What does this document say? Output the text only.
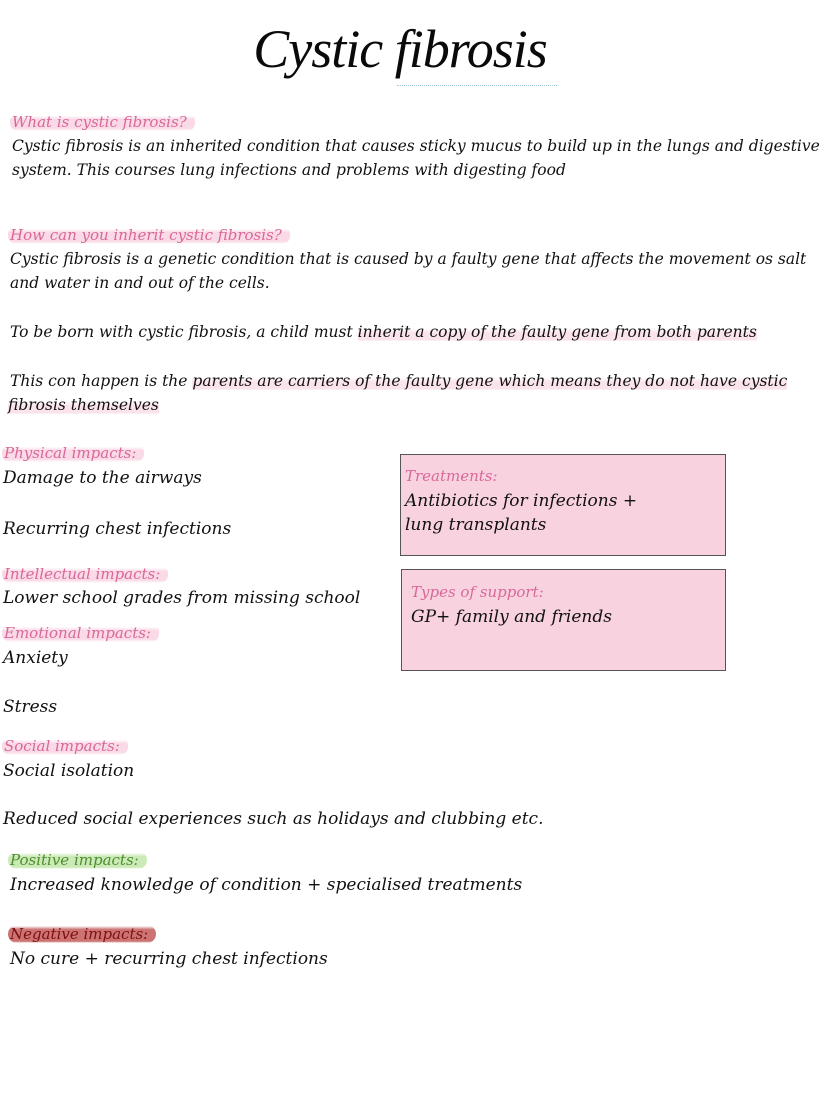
Cystic fibrosis
What is cystic fibrosis?
Cystic fibrosis is an inherited condition that causes sticky mucus to build up in the lungs and digestive
system. This courses lung infections and problems with digesting food
How can you inherit cystic fibrosis?
Cystic fibrosis is a genetic condition that is caused by a faulty gene that affects the movement os salt
and water in and out of the cells.
To be born with cystic fibrosis, a child must inherit a copy of the faulty gene from both parents
This con happen is the parents are carriers of the faulty gene which means they do not have cystic
fibrosis themselves
Physical impacts:
Damage to the airways
Recurring chest infections
Intellectual impacts:
Lower school grades from missing school
Emotional impacts:
Anxiety
Stress
Social impacts:
Social isolation
Reduced social experiences such as holidays and clubbing etc.
Positive impacts:
Increased knowledge of condition + specialised treatments
Negative impacts:
No cure + recurring chest infections
Treatments:
Antibiotics for infections + lung transplants
Types of support:
GP+ family and friends
